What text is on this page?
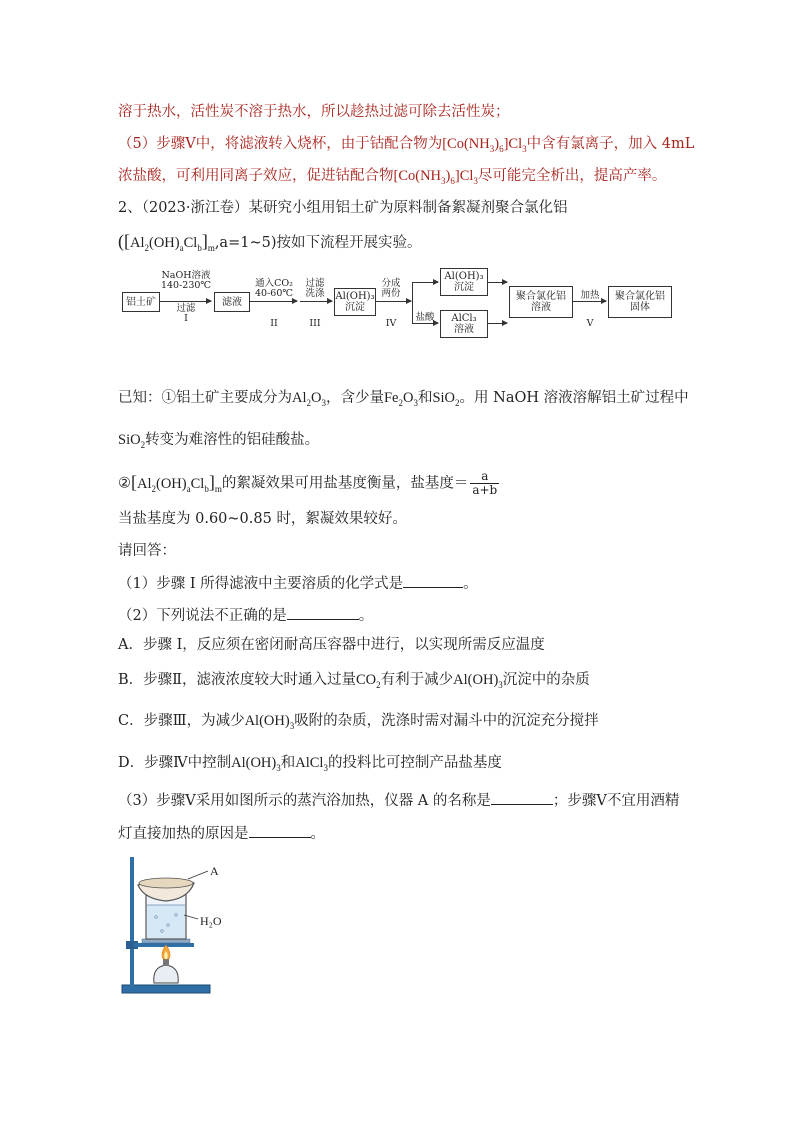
溶于热水，活性炭不溶于热水，所以趁热过滤可除去活性炭；
（5）步骤Ⅴ中，将滤液转入烧杯，由于钴配合物为$[Co(NH_3)_6]Cl_3$中含有氯离子，加入 4mL
浓盐酸，可利用同离子效应，促进钴配合物$[Co(NH_3)_6]Cl_3$尽可能完全析出，提高产率。
2、（2023·浙江卷）某研究小组用铝土矿为原料制备絮凝剂聚合氯化铝
$([Al_2(OH)_aCl_b]_m,a=1\sim 5)$按如下流程开展实验。
铝土矿
NaOH溶液
140-230℃
过滤
I
滤液
通入CO₂
40-60℃
II
过滤
洗涤
III
Al(OH)₃
沉淀
分成
两份
IV
盐酸
Al(OH)₃
沉淀
AlCl₃
溶液
聚合氯化铝
溶液
加热
V
聚合氯化铝
固体
已知：①铝土矿主要成分为$Al_2O_3$，含少量$Fe_2O_3$和SiO$_2$。用 NaOH 溶液溶解铝土矿过程中
SiO$_2$转变为难溶性的铝硅酸盐。
$②[Al_2(OH)_aCl_b]_m$的絮凝效果可用盐基度衡量，盐基度＝ $\frac{a}{a+b}$
当盐基度为 0.60~0.85 时，絮凝效果较好。
请回答：
（1）步骤 I 所得滤液中主要溶质的化学式是	。
（2）下列说法不正确的是	。
A．步骤 I，反应须在密闭耐高压容器中进行，以实现所需反应温度
B．步骤Ⅱ，滤液浓度较大时通入过量$CO_2$有利于减少$Al(OH)_3$沉淀中的杂质
C．步骤Ⅲ，为减少$Al(OH)_3$吸附的杂质，洗涤时需对漏斗中的沉淀充分搅拌
D．步骤Ⅳ中控制$Al(OH)_3$和AlCl$_3$的投料比可控制产品盐基度
（3）步骤Ⅴ采用如图所示的蒸汽浴加热，仪器 A 的名称是	；步骤Ⅴ不宜用酒精
灯直接加热的原因是	。
A
H₂O
